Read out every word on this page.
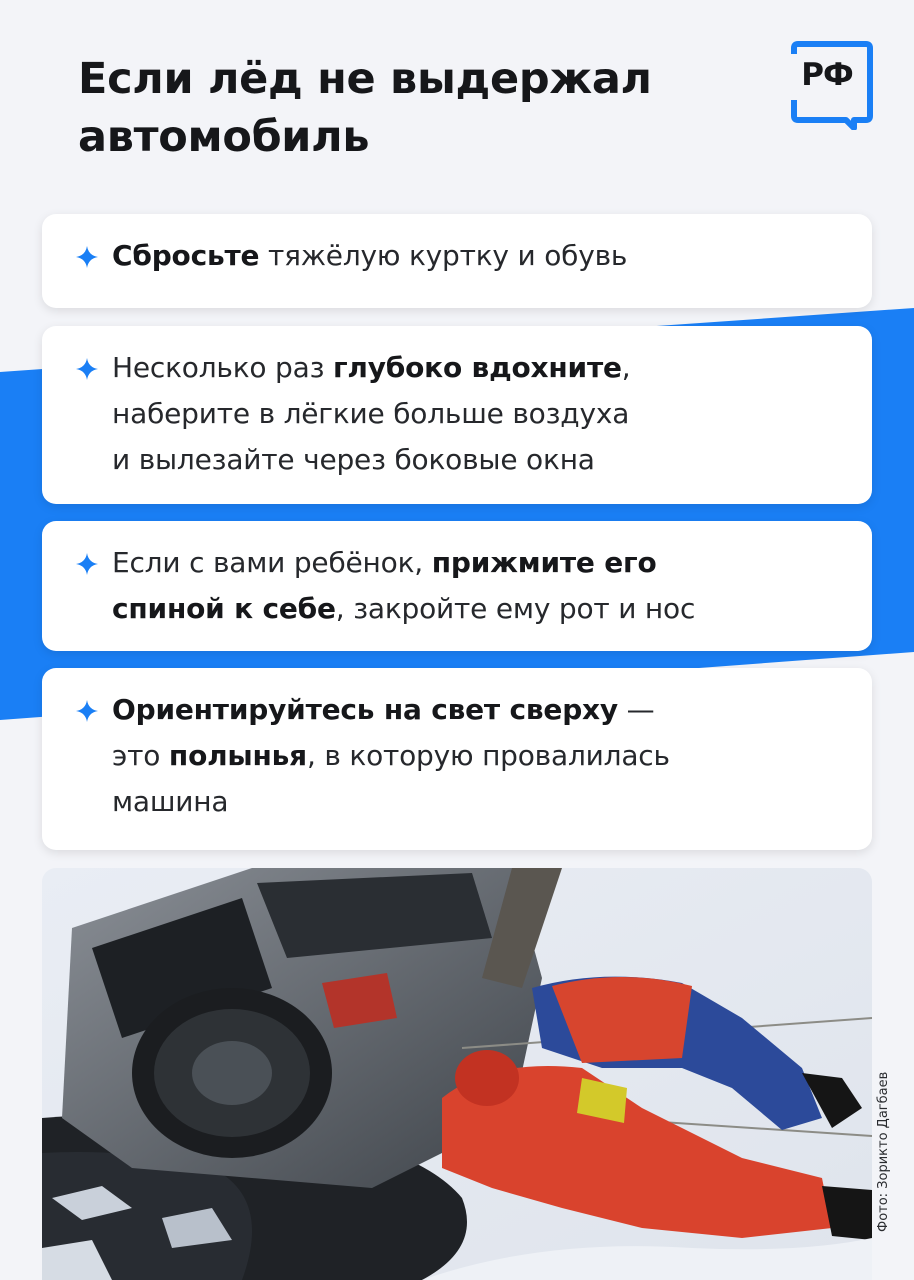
Если лёд не выдержал
автомобиль
РФ
Сбросьте тяжёлую куртку и обувь
Несколько раз глубоко вдохните,
наберите в лёгкие больше воздуха
и вылезайте через боковые окна
Если с вами ребёнок, прижмите его
спиной к себе, закройте ему рот и нос
Ориентируйтесь на свет сверху —
это полынья, в которую провалилась
машина
Фото: Зорикто Дагбаев
